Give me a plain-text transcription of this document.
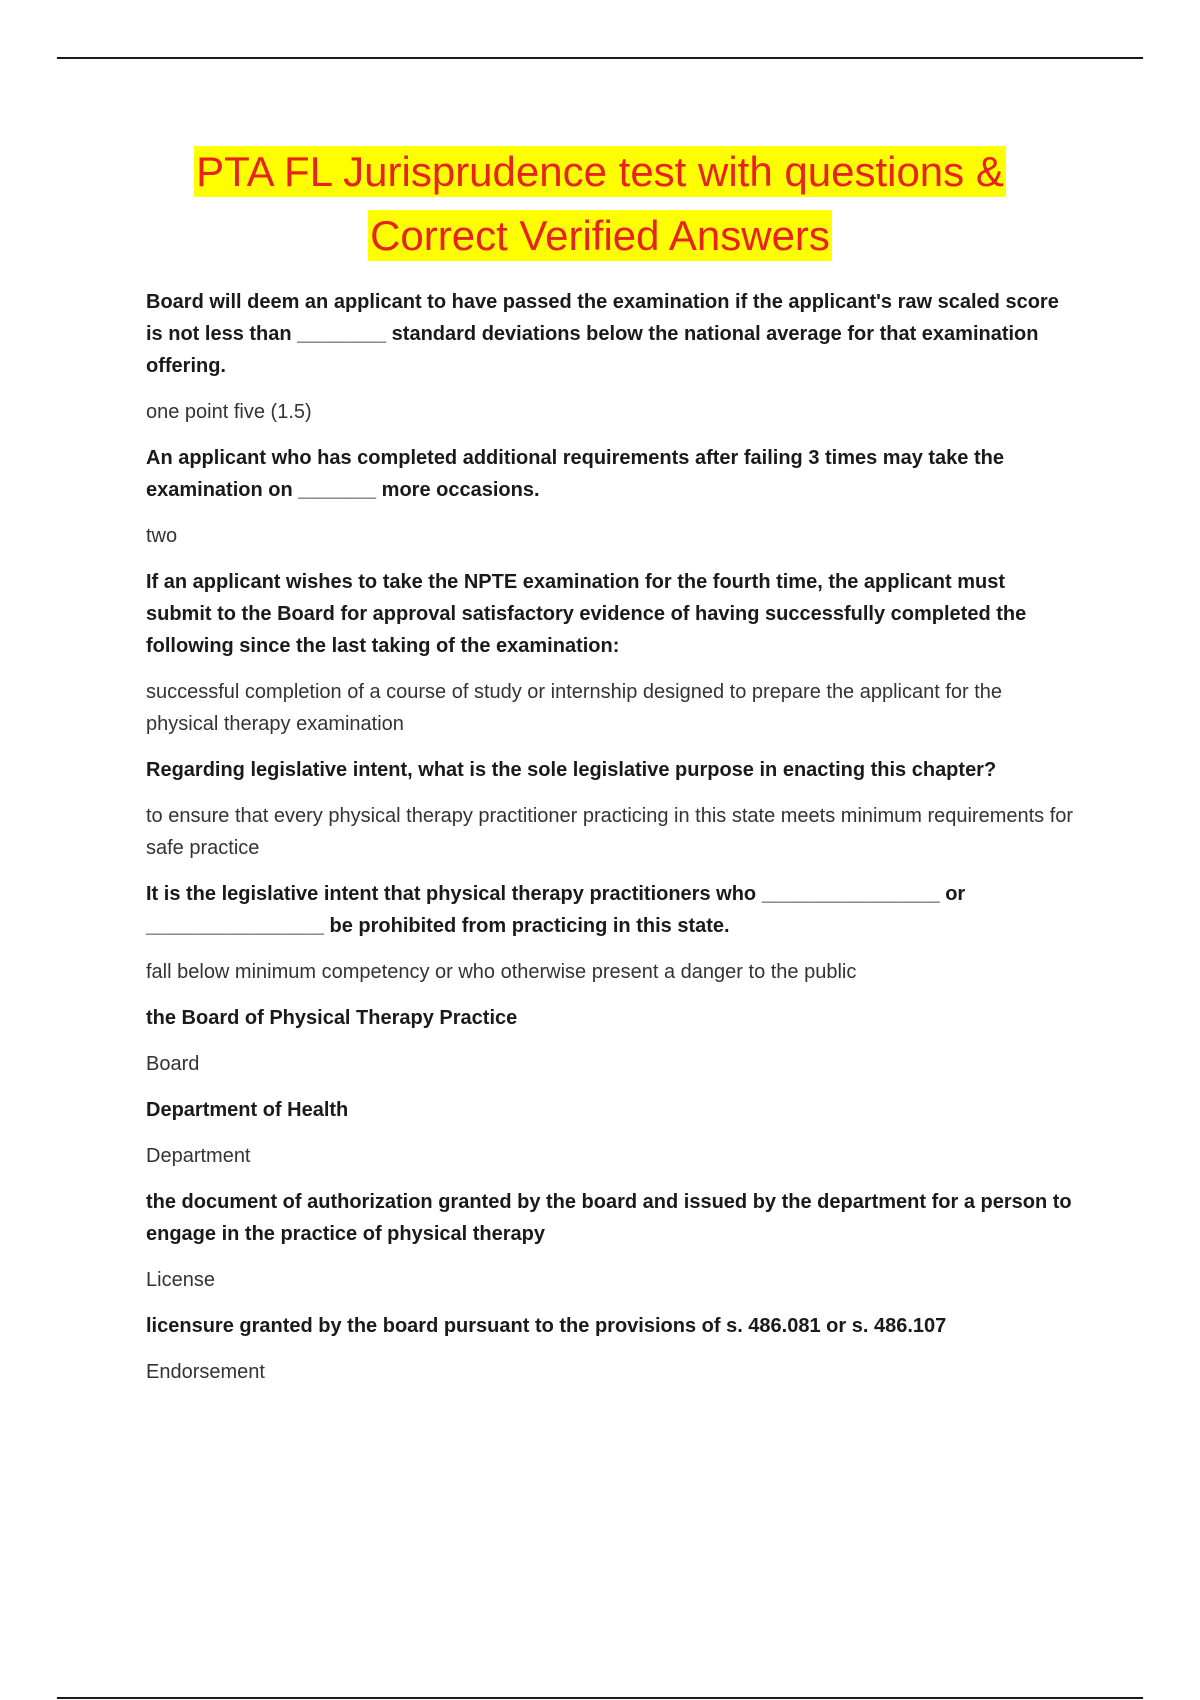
PTA FL Jurisprudence test with questions &
Correct Verified Answers
Board will deem an applicant to have passed the examination if the applicant's raw scaled score is not less than ________ standard deviations below the national average for that examination offering.
one point five (1.5)
An applicant who has completed additional requirements after failing 3 times may take the examination on _______ more occasions.
two
If an applicant wishes to take the NPTE examination for the fourth time, the applicant must submit to the Board for approval satisfactory evidence of having successfully completed the following since the last taking of the examination:
successful completion of a course of study or internship designed to prepare the applicant for the physical therapy examination
Regarding legislative intent, what is the sole legislative purpose in enacting this chapter?
to ensure that every physical therapy practitioner practicing in this state meets minimum requirements for safe practice
It is the legislative intent that physical therapy practitioners who ________________ or ________________ be prohibited from practicing in this state.
fall below minimum competency or who otherwise present a danger to the public
the Board of Physical Therapy Practice
Board
Department of Health
Department
the document of authorization granted by the board and issued by the department for a person to engage in the practice of physical therapy
License
licensure granted by the board pursuant to the provisions of s. 486.081 or s. 486.107
Endorsement
